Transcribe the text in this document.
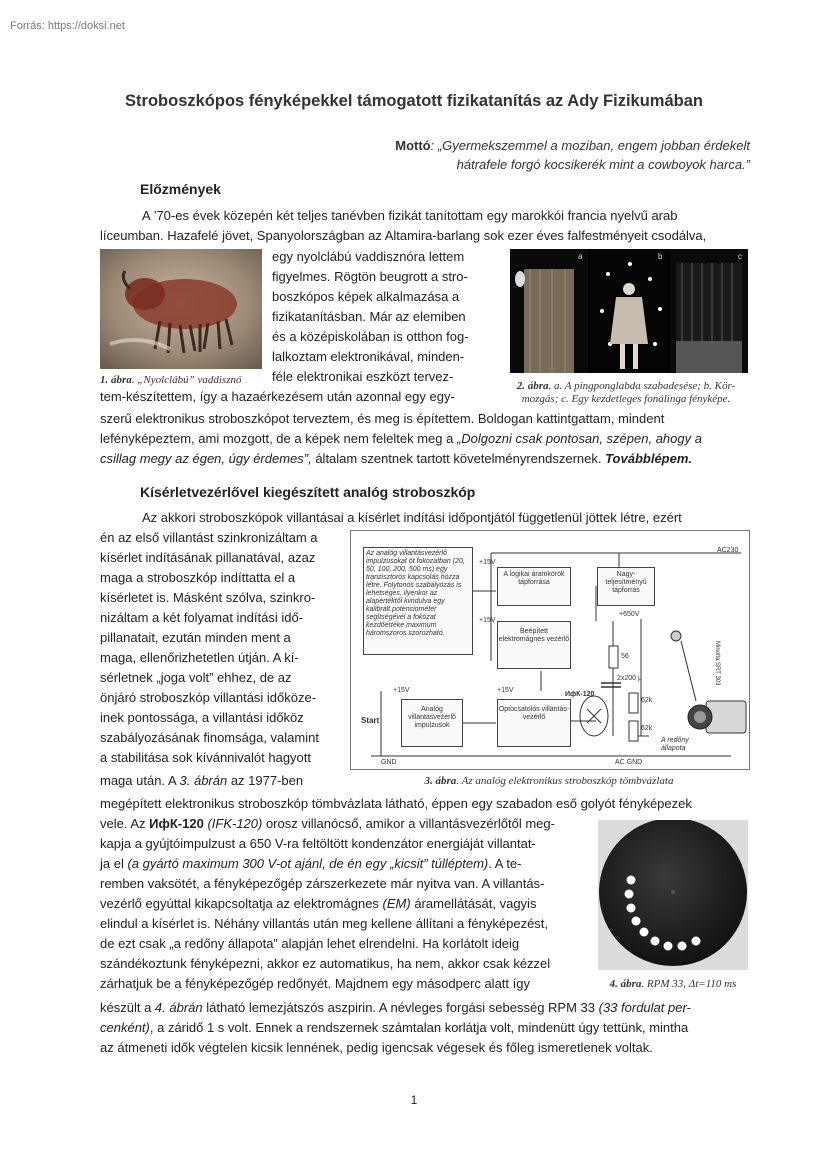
Forrás: https://doksi.net
Stroboszkópos fényképekkel támogatott fizikatanítás az Ady Fizikumában
Mottó: „Gyermekszemmel a moziban, engem jobban érdekelt
hátrafele forgó kocsikerék mint a cowboyok harca.”
Előzmények
A ’70-es évek közepén két teljes tanévben fizikát tanítottam egy marokkói francia nyelvű arab
líceumban. Hazafelé jövet, Spanyolországban az Altamira-barlang sok ezer éves falfestményeit csodálva,
1. ábra. „Nyolclábú” vaddisznó
egy nyolclábú vaddisznóra lettem
figyelmes. Rögtön beugrott a stro-
boszkópos képek alkalmazása a
fizikatanításban. Már az elemiben
és a középiskolában is otthon fog-
lalkoztam elektronikával, minden-
féle elektronikai eszközt tervez-
tem-készítettem, így a hazaérkezésem után azonnal egy egy-
a	b	c
2. ábra. a. A pingponglabda szabadesése; b. Kör-mozgás; c. Egy kezdetleges fonálinga fényképe.
szerű elektronikus stroboszkópot terveztem, és meg is építettem. Boldogan kattintgattam, mindent
lefényképeztem, ami mozgott, de a képek nem feleltek meg a „Dolgozni csak pontosan, szépen, ahogy a
csillag megy az égen, úgy érdemes”, általam szentnek tartott követelményrendszernek. Továbblépem.
Kísérletvezérlővel kiegészített analóg stroboszkóp
Az akkori stroboszkópok villantásai a kísérlet indítási időpontjától függetlenül jöttek létre, ezért
én az első villantást szinkronizáltam a
kísérlet indításának pillanatával, azaz
maga a stroboszkóp indíttatta el a
kísérletet is. Másként szólva, szinkro-
nizáltam a két folyamat indítási idő-
pillanatait, ezután minden ment a
maga, ellenőrizhetetlen útján. A kí-
sérletnek „joga volt” ehhez, de az
önjáró stroboszkóp villantási időköze-
inek pontossága, a villantási időköz
szabályozásának finomsága, valamint
a stabilitása sok kívánnivalót hagyott
maga után. A 3. ábrán az 1977-ben
Az analóg villantásvezérlő impulzusokat öt fokozatban (20, 50, 100, 200, 500 ms) egy tranzisztoros kapcsolás hozza létre. Folytonos szabályozás is lehetséges, ilyenkor az alapértéktől kiindulva egy kalibrált potenciométer segítségével a fokozat kezdőértéke maximum háromszoros szorozható.
A logikai áramkörök tápforrása
Nagy-teljesítményű tápforrás
Beépített elektromágnes vezérlő
Analóg villantásvezérlő impulzusok
Optocsatolós villantás-vezérlő
+15V
+15V
+15V	+15V
AC230
+650V
56
2x200 µ
62k
62k
ИфК-120
Start
GND	AC GND
A redőny állapota
Minolta SRT 303
3. ábra. Az analóg elektronikus stroboszkóp tömbvázlata
megépített elektronikus stroboszkóp tömbvázlata látható, éppen egy szabadon eső golyót fényképezek
vele. Az ИфК-120 (IFK-120) orosz villanócső, amikor a villantásvezérlőtől meg-
kapja a gyújtóimpulzust a 650 V-ra feltöltött kondenzátor energiáját villantat-
ja el (a gyártó maximum 300 V-ot ajánl, de én egy „kicsit” túlléptem). A te-
remben vaksötét, a fényképezőgép zárszerkezete már nyitva van. A villantás-
vezérlő egyúttal kikapcsoltatja az elektromágnes (EM) áramellátását, vagyis
elindul a kísérlet is. Néhány villantás után meg kellene állítani a fényképezést,
de ezt csak „a redőny állapota” alapján lehet elrendelni. Ha korlátolt ideig
szándékoztunk fényképezni, akkor ez automatikus, ha nem, akkor csak kézzel
zárhatjuk be a fényképezőgép redőnyét. Majdnem egy másodperc alatt így	4. ábra. RPM 33, Δt=110 ms
készült a 4. ábrán látható lemezjátszós aszpirin. A névleges forgási sebesség RPM 33 (33 fordulat per-
cenként), a záridő 1 s volt. Ennek a rendszernek számtalan korlátja volt, mindenütt úgy tettünk, mintha
az átmeneti idők végtelen kicsik lennének, pedig igencsak végesek és főleg ismeretlenek voltak.
1
